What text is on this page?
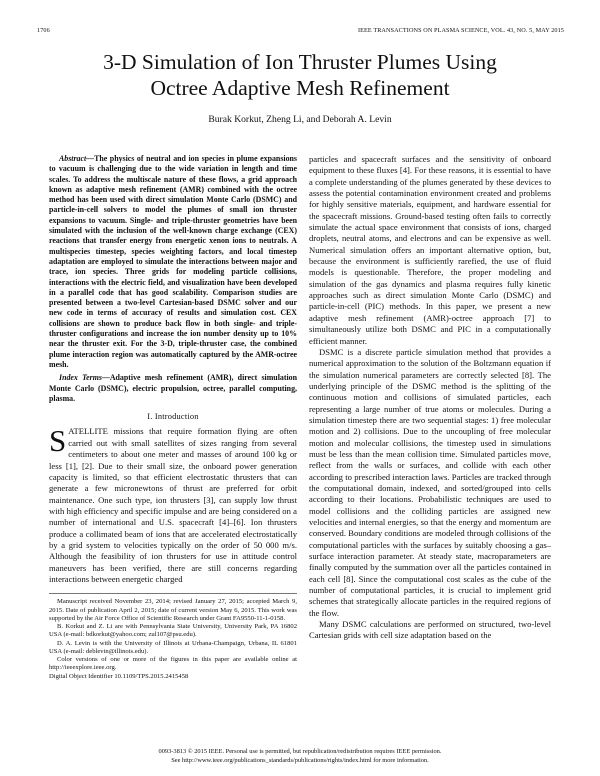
1706	IEEE TRANSACTIONS ON PLASMA SCIENCE, VOL. 43, NO. 5, MAY 2015
3-D Simulation of Ion Thruster Plumes Using
Octree Adaptive Mesh Refinement
Burak Korkut, Zheng Li, and Deborah A. Levin

Abstract—The physics of neutral and ion species in plume expansions to vacuum is challenging due to the wide variation in length and time scales. To address the multiscale nature of these flows, a grid approach known as adaptive mesh refinement (AMR) combined with the octree method has been used with direct simulation Monte Carlo (DSMC) and particle-in-cell solvers to model the plumes of small ion thruster expansions to vacuum. Single- and triple-thruster geometries have been simulated with the inclusion of the well-known charge exchange (CEX) reactions that transfer energy from energetic xenon ions to neutrals. A multispecies timestep, species weighting factors, and local timestep adaptation are employed to simulate the interactions between major and trace, ion species. Three grids for modeling particle collisions, interactions with the electric field, and visualization have been developed in a parallel code that has good scalability. Comparison studies are presented between a two-level Cartesian-based DSMC solver and our new code in terms of accuracy of results and simulation cost. CEX collisions are shown to produce back flow in both single- and triple-thruster configurations and increase the ion number density up to 10% near the thruster exit. For the 3-D, triple-thruster case, the combined plume interaction region was automatically captured by the AMR-octree mesh.

Index Terms—Adaptive mesh refinement (AMR), direct simulation Monte Carlo (DSMC), electric propulsion, octree, parallel computing, plasma.

I. Introduction

SATELLITE missions that require formation flying are often carried out with small satellites of sizes ranging from several centimeters to about one meter and masses of around 100 kg or less [1], [2]. Due to their small size, the onboard power generation capacity is limited, so that efficient electrostatic thrusters that can generate a few micronewtons of thrust are preferred for orbit maintenance. One such type, ion thrusters [3], can supply low thrust with high efficiency and specific impulse and are being considered on a number of international and U.S. spacecraft [4]–[6]. Ion thrusters produce a collimated beam of ions that are accelerated electrostatically by a grid system to velocities typically on the order of 50 000 m/s. Although the feasibility of ion thrusters for use in attitude control maneuvers has been verified, there are still concerns regarding interactions between energetic charged

Manuscript received November 23, 2014; revised January 27, 2015; accepted March 9, 2015. Date of publication April 2, 2015; date of current version May 6, 2015. This work was supported by the Air Force Office of Scientific Research under Grant FA9550-11-1-0158.

B. Korkut and Z. Li are with Pennsylvania State University, University Park, PA 16802 USA (e-mail: bdkorkut@yahoo.com; zul107@psu.edu).

D. A. Levin is with the University of Illinois at Urbana-Champaign, Urbana, IL 61801 USA (e-mail: deblevin@illinois.edu).

Color versions of one or more of the figures in this paper are available online at http://ieeexplore.ieee.org.

Digital Object Identifier 10.1109/TPS.2015.2415458

particles and spacecraft surfaces and the sensitivity of onboard equipment to these fluxes [4]. For these reasons, it is essential to have a complete understanding of the plumes generated by these devices to assess the potential contamination environment created and problems for highly sensitive materials, equipment, and hardware essential for the spacecraft missions. Ground-based testing often fails to correctly simulate the actual space environment that consists of ions, charged droplets, neutral atoms, and electrons and can be expensive as well. Numerical simulation offers an important alternative option, but, because the environment is sufficiently rarefied, the use of fluid models is questionable. Therefore, the proper modeling and simulation of the gas dynamics and plasma requires fully kinetic approaches such as direct simulation Monte Carlo (DSMC) and particle-in-cell (PIC) methods. In this paper, we present a new adaptive mesh refinement (AMR)-octree approach [7] to simultaneously utilize both DSMC and PIC in a computationally efficient manner.

DSMC is a discrete particle simulation method that provides a numerical approximation to the solution of the Boltzmann equation if the simulation numerical parameters are correctly selected [8]. The underlying principle of the DSMC method is the splitting of the continuous motion and collisions of simulated particles, each representing a large number of true atoms or molecules. During a simulation timestep there are two sequential stages: 1) free molecular motion and 2) collisions. Due to the uncoupling of free molecular motion and molecular collisions, the timestep used in simulations must be less than the mean collision time. Simulated particles move, reflect from the walls or surfaces, and collide with each other according to prescribed interaction laws. Particles are tracked through the computational domain, indexed, and sorted/grouped into cells according to their locations. Probabilistic techniques are used to model collisions and the colliding particles are assigned new velocities and internal energies, so that the energy and momentum are conserved. Boundary conditions are modeled through collisions of the computational particles with the surfaces by suitably choosing a gas–surface interaction parameter. At steady state, macroparameters are finally computed by the summation over all the particles contained in each cell [8]. Since the computational cost scales as the cube of the number of computational particles, it is crucial to implement grid schemes that strategically allocate particles in the required regions of the flow.

Many DSMC calculations are performed on structured, two-level Cartesian grids with cell size adaptation based on the

0093-3813 © 2015 IEEE. Personal use is permitted, but republication/redistribution requires IEEE permission.
See http://www.ieee.org/publications_standards/publications/rights/index.html for more information.
